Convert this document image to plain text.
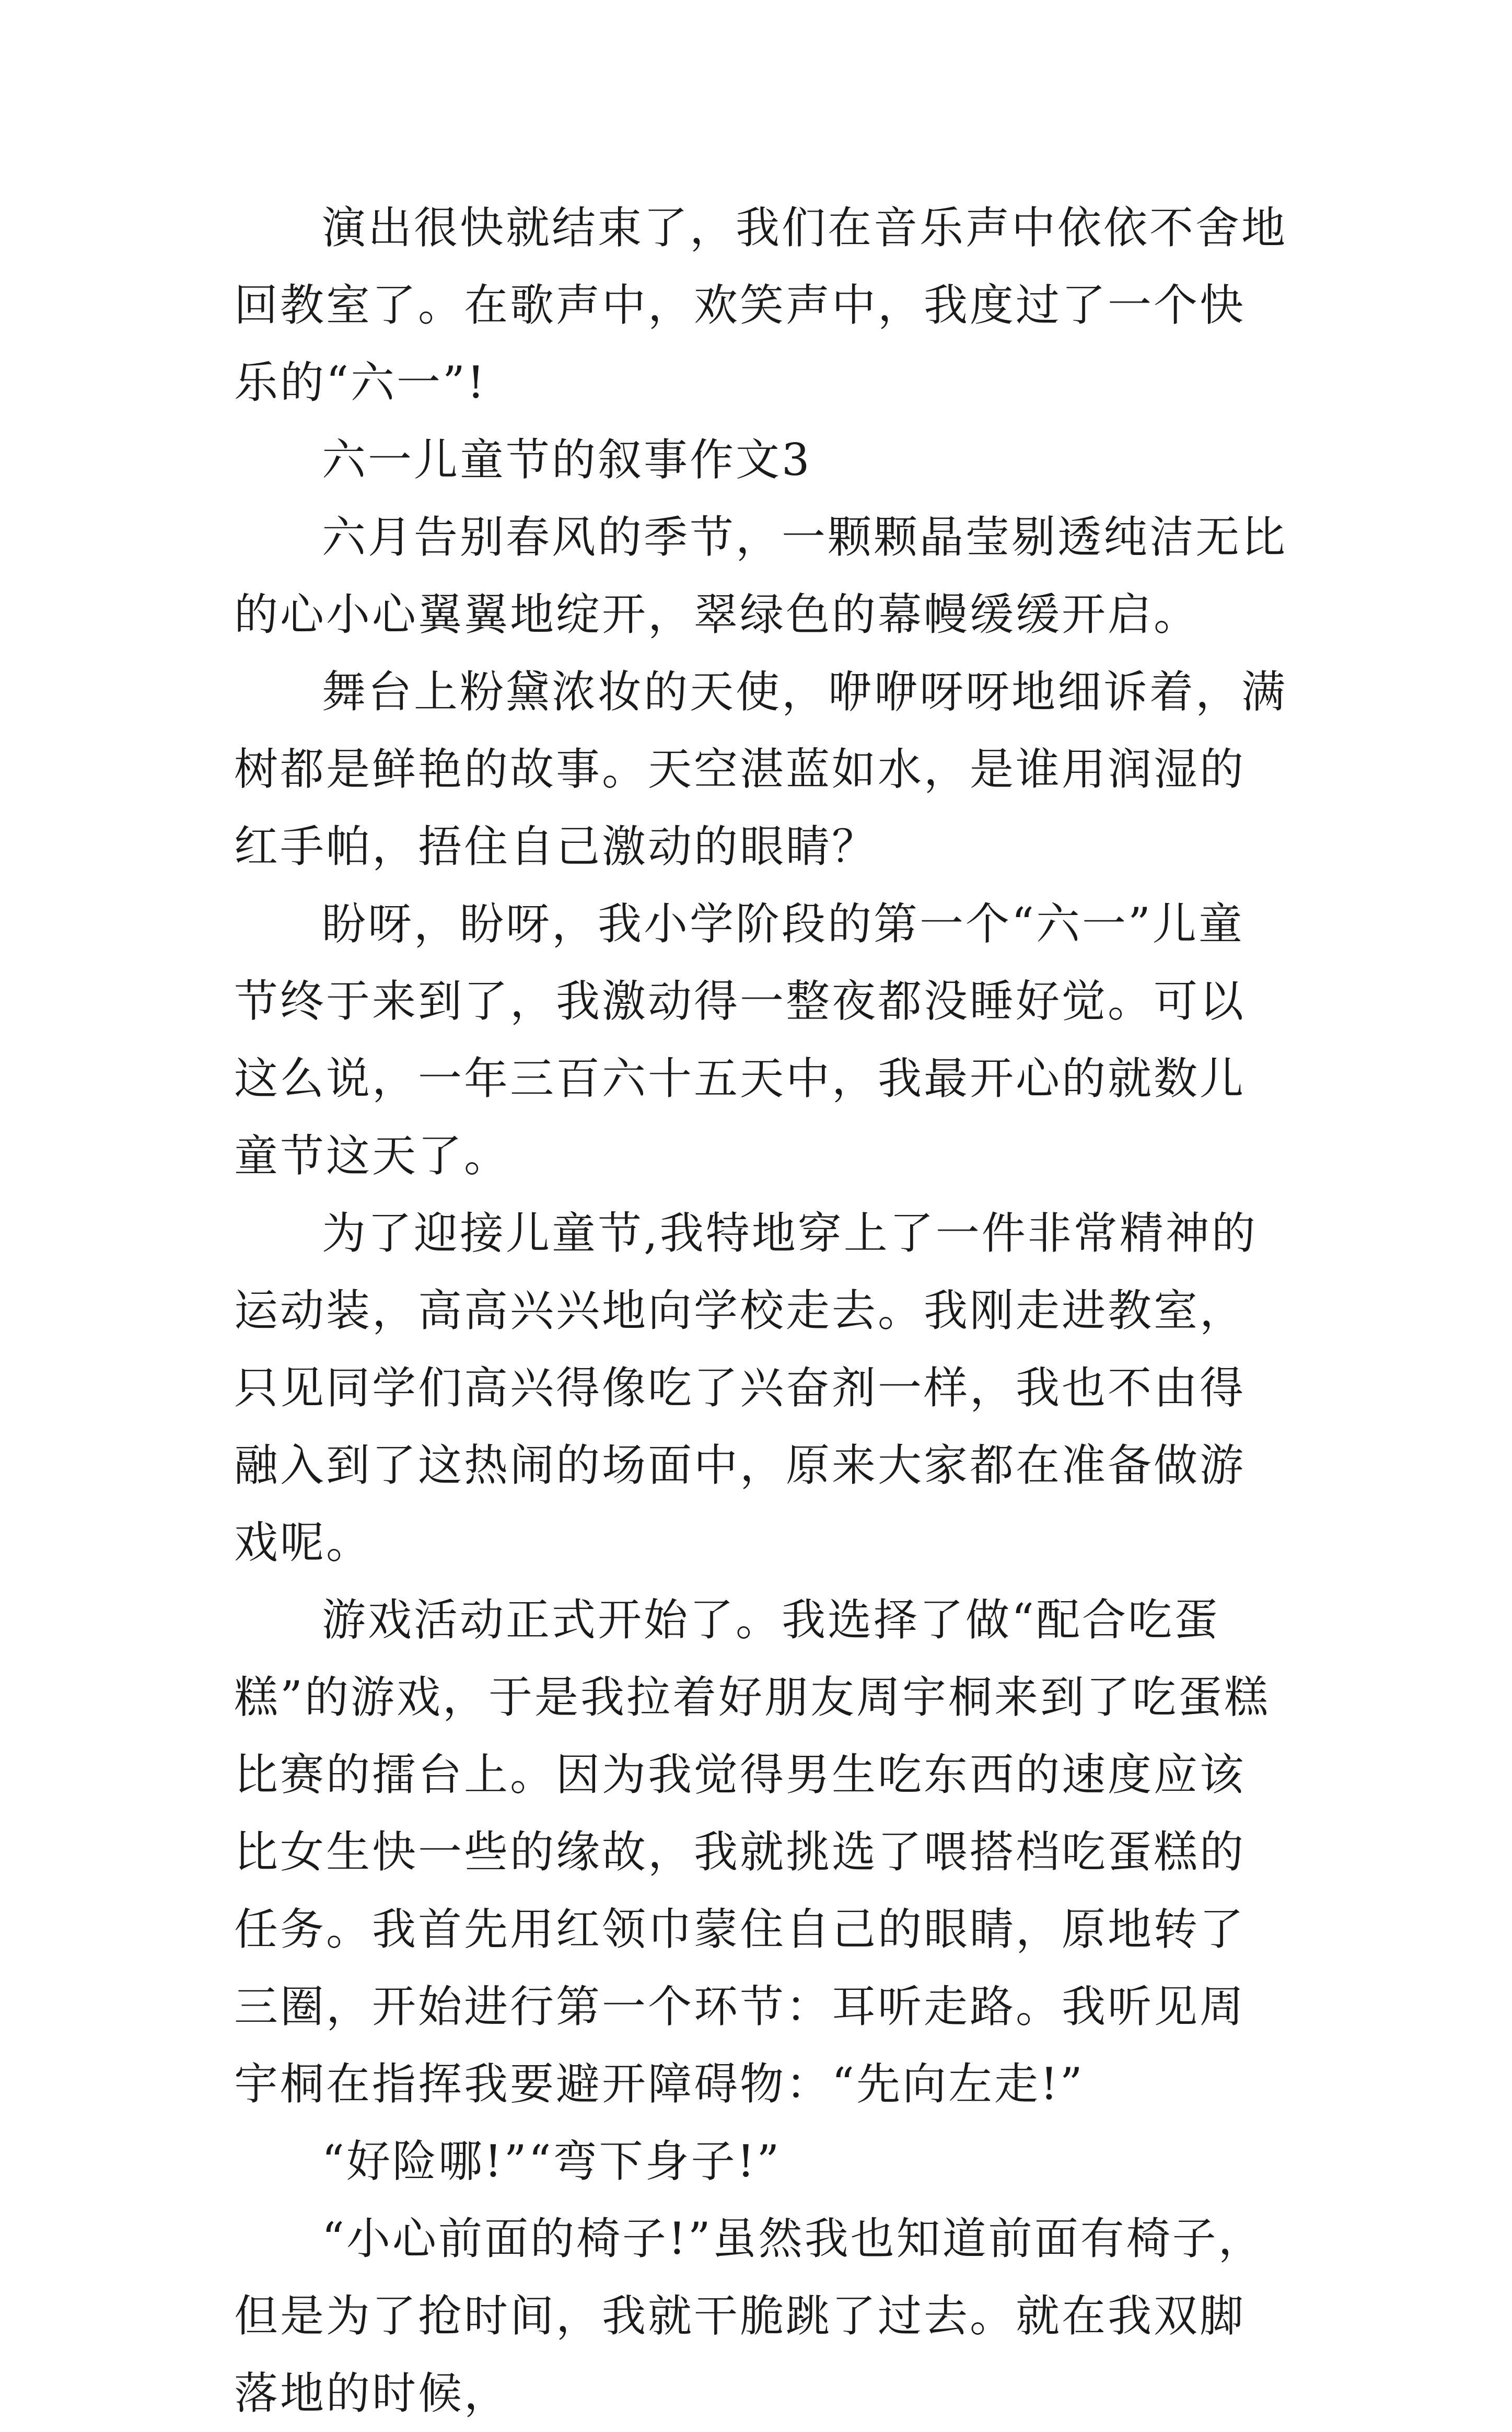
演出很快就结束了，我们在音乐声中依依不舍地回教室了。在歌声中，欢笑声中，我度过了一个快乐的“六一”!

六一儿童节的叙事作文3

六月告别春风的季节，一颗颗晶莹剔透纯洁无比的心小心翼翼地绽开，翠绿色的幕幔缓缓开启。

舞台上粉黛浓妆的天使，咿咿呀呀地细诉着，满树都是鲜艳的故事。天空湛蓝如水，是谁用润湿的红手帕，捂住自己激动的眼睛？

盼呀，盼呀，我小学阶段的第一个“六一”儿童节终于来到了，我激动得一整夜都没睡好觉。可以这么说，一年三百六十五天中，我最开心的就数儿童节这天了。

为了迎接儿童节,我特地穿上了一件非常精神的运动装，高高兴兴地向学校走去。我刚走进教室，只见同学们高兴得像吃了兴奋剂一样，我也不由得融入到了这热闹的场面中，原来大家都在准备做游戏呢。

游戏活动正式开始了。我选择了做“配合吃蛋糕”的游戏，于是我拉着好朋友周宇桐来到了吃蛋糕比赛的擂台上。因为我觉得男生吃东西的速度应该比女生快一些的缘故，我就挑选了喂搭档吃蛋糕的任务。我首先用红领巾蒙住自己的眼睛，原地转了三圈，开始进行第一个环节：耳听走路。我听见周宇桐在指挥我要避开障碍物：“先向左走!”

“好险哪!”“弯下身子!”

“小心前面的椅子!”虽然我也知道前面有椅子，但是为了抢时间，我就干脆跳了过去。就在我双脚落地的时候，
